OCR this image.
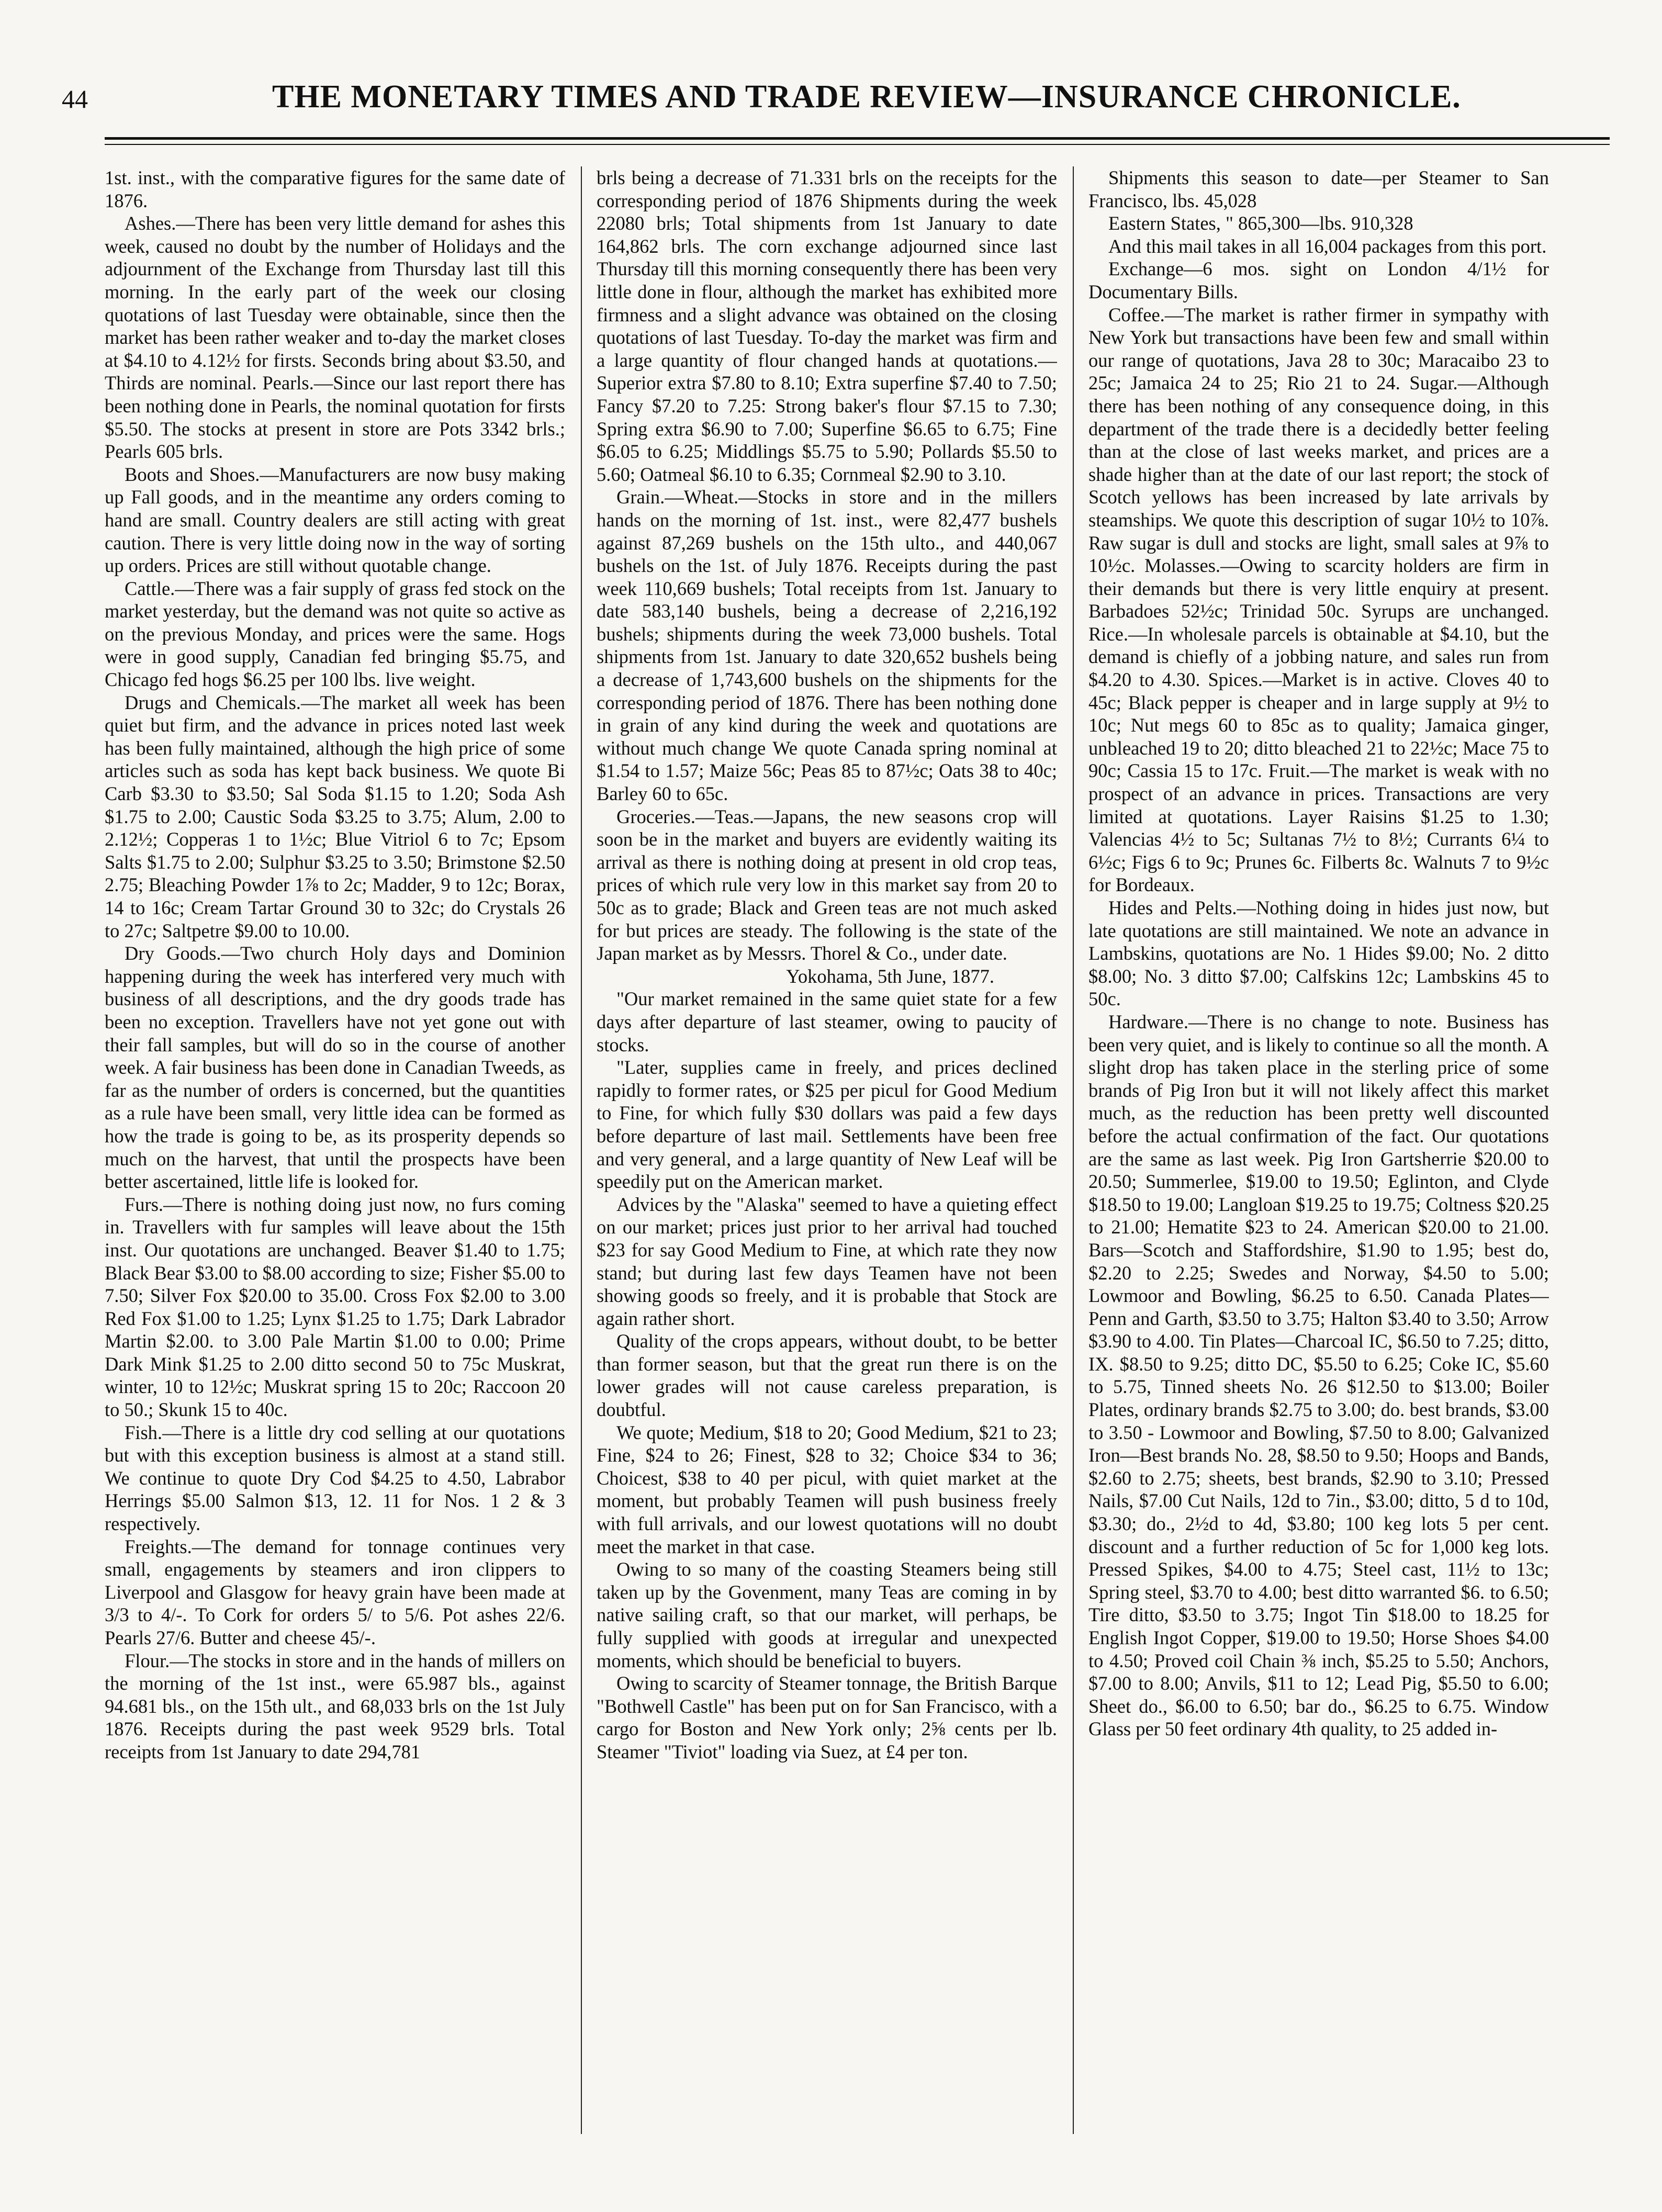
44	THE MONETARY TIMES AND TRADE REVIEW—INSURANCE CHRONICLE.

1st. inst., with the comparative figures for the same date of 1876.

Ashes.—There has been very little demand for ashes this week, caused no doubt by the number of Holidays and the adjournment of the Exchange from Thursday last till this morning. In the early part of the week our closing quotations of last Tuesday were obtainable, since then the market has been rather weaker and to-day the market closes at $4.10 to 4.12½ for firsts. Seconds bring about $3.50, and Thirds are nominal. Pearls.—Since our last report there has been nothing done in Pearls, the nominal quotation for firsts $5.50. The stocks at present in store are Pots 3342 brls.; Pearls 605 brls.

Boots and Shoes.—Manufacturers are now busy making up Fall goods, and in the meantime any orders coming to hand are small. Country dealers are still acting with great caution. There is very little doing now in the way of sorting up orders. Prices are still without quotable change.

Cattle.—There was a fair supply of grass fed stock on the market yesterday, but the demand was not quite so active as on the previous Monday, and prices were the same. Hogs were in good supply, Canadian fed bringing $5.75, and Chicago fed hogs $6.25 per 100 lbs. live weight.

Drugs and Chemicals.—The market all week has been quiet but firm, and the advance in prices noted last week has been fully maintained, although the high price of some articles such as soda has kept back business. We quote Bi Carb $3.30 to $3.50; Sal Soda $1.15 to 1.20; Soda Ash $1.75 to 2.00; Caustic Soda $3.25 to 3.75; Alum, 2.00 to 2.12½; Copperas 1 to 1½c; Blue Vitriol 6 to 7c; Epsom Salts $1.75 to 2.00; Sulphur $3.25 to 3.50; Brimstone $2.50 2.75; Bleaching Powder 1⅞ to 2c; Madder, 9 to 12c; Borax, 14 to 16c; Cream Tartar Ground 30 to 32c; do Crystals 26 to 27c; Saltpetre $9.00 to 10.00.

Dry Goods.—Two church Holy days and Dominion happening during the week has interfered very much with business of all descriptions, and the dry goods trade has been no exception. Travellers have not yet gone out with their fall samples, but will do so in the course of another week. A fair business has been done in Canadian Tweeds, as far as the number of orders is concerned, but the quantities as a rule have been small, very little idea can be formed as how the trade is going to be, as its prosperity depends so much on the harvest, that until the prospects have been better ascertained, little life is looked for.

Furs.—There is nothing doing just now, no furs coming in. Travellers with fur samples will leave about the 15th inst. Our quotations are unchanged. Beaver $1.40 to 1.75; Black Bear $3.00 to $8.00 according to size; Fisher $5.00 to 7.50; Silver Fox $20.00 to 35.00. Cross Fox $2.00 to 3.00 Red Fox $1.00 to 1.25; Lynx $1.25 to 1.75; Dark Labrador Martin $2.00. to 3.00 Pale Martin $1.00 to 0.00; Prime Dark Mink $1.25 to 2.00 ditto second 50 to 75c Muskrat, winter, 10 to 12½c; Muskrat spring 15 to 20c; Raccoon 20 to 50.; Skunk 15 to 40c.

Fish.—There is a little dry cod selling at our quotations but with this exception business is almost at a stand still. We continue to quote Dry Cod $4.25 to 4.50, Labrabor Herrings $5.00 Salmon $13, 12. 11 for Nos. 1 2 & 3 respectively.

Freights.—The demand for tonnage continues very small, engagements by steamers and iron clippers to Liverpool and Glasgow for heavy grain have been made at 3/3 to 4/-. To Cork for orders 5/ to 5/6. Pot ashes 22/6. Pearls 27/6. Butter and cheese 45/-.

Flour.—The stocks in store and in the hands of millers on the morning of the 1st inst., were 65.987 bls., against 94.681 bls., on the 15th ult., and 68,033 brls on the 1st July 1876. Receipts during the past week 9529 brls. Total receipts from 1st January to date 294,781

brls being a decrease of 71.331 brls on the receipts for the corresponding period of 1876 Shipments during the week 22080 brls; Total shipments from 1st January to date 164,862 brls. The corn exchange adjourned since last Thursday till this morning consequently there has been very little done in flour, although the market has exhibited more firmness and a slight advance was obtained on the closing quotations of last Tuesday. To-day the market was firm and a large quantity of flour changed hands at quotations.—Superior extra $7.80 to 8.10; Extra superfine $7.40 to 7.50; Fancy $7.20 to 7.25: Strong baker's flour $7.15 to 7.30; Spring extra $6.90 to 7.00; Superfine $6.65 to 6.75; Fine $6.05 to 6.25; Middlings $5.75 to 5.90; Pollards $5.50 to 5.60; Oatmeal $6.10 to 6.35; Cornmeal $2.90 to 3.10.

Grain.—Wheat.—Stocks in store and in the millers hands on the morning of 1st. inst., were 82,477 bushels against 87,269 bushels on the 15th ulto., and 440,067 bushels on the 1st. of July 1876. Receipts during the past week 110,669 bushels; Total receipts from 1st. January to date 583,140 bushels, being a decrease of 2,216,192 bushels; shipments during the week 73,000 bushels. Total shipments from 1st. January to date 320,652 bushels being a decrease of 1,743,600 bushels on the shipments for the corresponding period of 1876. There has been nothing done in grain of any kind during the week and quotations are without much change We quote Canada spring nominal at $1.54 to 1.57; Maize 56c; Peas 85 to 87½c; Oats 38 to 40c; Barley 60 to 65c.

Groceries.—Teas.—Japans, the new seasons crop will soon be in the market and buyers are evidently waiting its arrival as there is nothing doing at present in old crop teas, prices of which rule very low in this market say from 20 to 50c as to grade; Black and Green teas are not much asked for but prices are steady. The following is the state of the Japan market as by Messrs. Thorel & Co., under date.

Yokohama, 5th June, 1877.

"Our market remained in the same quiet state for a few days after departure of last steamer, owing to paucity of stocks.

"Later, supplies came in freely, and prices declined rapidly to former rates, or $25 per picul for Good Medium to Fine, for which fully $30 dollars was paid a few days before departure of last mail. Settlements have been free and very general, and a large quantity of New Leaf will be speedily put on the American market.

Advices by the "Alaska" seemed to have a quieting effect on our market; prices just prior to her arrival had touched $23 for say Good Medium to Fine, at which rate they now stand; but during last few days Teamen have not been showing goods so freely, and it is probable that Stock are again rather short.

Quality of the crops appears, without doubt, to be better than former season, but that the great run there is on the lower grades will not cause careless preparation, is doubtful.

We quote; Medium, $18 to 20; Good Medium, $21 to 23; Fine, $24 to 26; Finest, $28 to 32; Choice $34 to 36; Choicest, $38 to 40 per picul, with quiet market at the moment, but probably Teamen will push business freely with full arrivals, and our lowest quotations will no doubt meet the market in that case.

Owing to so many of the coasting Steamers being still taken up by the Govenment, many Teas are coming in by native sailing craft, so that our market, will perhaps, be fully supplied with goods at irregular and unexpected moments, which should be beneficial to buyers.

Owing to scarcity of Steamer tonnage, the British Barque "Bothwell Castle" has been put on for San Francisco, with a cargo for Boston and New York only; 2⅝ cents per lb. Steamer "Tiviot" loading via Suez, at £4 per ton.

Shipments this season to date—per Steamer to San Francisco, lbs. 45,028

Eastern States, " 865,300—lbs. 910,328

And this mail takes in all 16,004 packages from this port.

Exchange—6 mos. sight on London 4/1½ for Documentary Bills.

Coffee.—The market is rather firmer in sympathy with New York but transactions have been few and small within our range of quotations, Java 28 to 30c; Maracaibo 23 to 25c; Jamaica 24 to 25; Rio 21 to 24. Sugar.—Although there has been nothing of any consequence doing, in this department of the trade there is a decidedly better feeling than at the close of last weeks market, and prices are a shade higher than at the date of our last report; the stock of Scotch yellows has been increased by late arrivals by steamships. We quote this description of sugar 10½ to 10⅞. Raw sugar is dull and stocks are light, small sales at 9⅞ to 10½c. Molasses.—Owing to scarcity holders are firm in their demands but there is very little enquiry at present. Barbadoes 52½c; Trinidad 50c. Syrups are unchanged. Rice.—In wholesale parcels is obtainable at $4.10, but the demand is chiefly of a jobbing nature, and sales run from $4.20 to 4.30. Spices.—Market is in active. Cloves 40 to 45c; Black pepper is cheaper and in large supply at 9½ to 10c; Nut megs 60 to 85c as to quality; Jamaica ginger, unbleached 19 to 20; ditto bleached 21 to 22½c; Mace 75 to 90c; Cassia 15 to 17c. Fruit.—The market is weak with no prospect of an advance in prices. Transactions are very limited at quotations. Layer Raisins $1.25 to 1.30; Valencias 4½ to 5c; Sultanas 7½ to 8½; Currants 6¼ to 6½c; Figs 6 to 9c; Prunes 6c. Filberts 8c. Walnuts 7 to 9½c for Bordeaux.

Hides and Pelts.—Nothing doing in hides just now, but late quotations are still maintained. We note an advance in Lambskins, quotations are No. 1 Hides $9.00; No. 2 ditto $8.00; No. 3 ditto $7.00; Calfskins 12c; Lambskins 45 to 50c.

Hardware.—There is no change to note. Business has been very quiet, and is likely to continue so all the month. A slight drop has taken place in the sterling price of some brands of Pig Iron but it will not likely affect this market much, as the reduction has been pretty well discounted before the actual confirmation of the fact. Our quotations are the same as last week. Pig Iron Gartsherrie $20.00 to 20.50; Summerlee, $19.00 to 19.50; Eglinton, and Clyde $18.50 to 19.00; Langloan $19.25 to 19.75; Coltness $20.25 to 21.00; Hematite $23 to 24. American $20.00 to 21.00. Bars—Scotch and Staffordshire, $1.90 to 1.95; best do, $2.20 to 2.25; Swedes and Norway, $4.50 to 5.00; Lowmoor and Bowling, $6.25 to 6.50. Canada Plates—Penn and Garth, $3.50 to 3.75; Halton $3.40 to 3.50; Arrow $3.90 to 4.00. Tin Plates—Charcoal IC, $6.50 to 7.25; ditto, IX. $8.50 to 9.25; ditto DC, $5.50 to 6.25; Coke IC, $5.60 to 5.75, Tinned sheets No. 26 $12.50 to $13.00; Boiler Plates, ordinary brands $2.75 to 3.00; do. best brands, $3.00 to 3.50 - Lowmoor and Bowling, $7.50 to 8.00; Galvanized Iron—Best brands No. 28, $8.50 to 9.50; Hoops and Bands, $2.60 to 2.75; sheets, best brands, $2.90 to 3.10; Pressed Nails, $7.00 Cut Nails, 12d to 7in., $3.00; ditto, 5 d to 10d, $3.30; do., 2½d to 4d, $3.80; 100 keg lots 5 per cent. discount and a further reduction of 5c for 1,000 keg lots. Pressed Spikes, $4.00 to 4.75; Steel cast, 11½ to 13c; Spring steel, $3.70 to 4.00; best ditto warranted $6. to 6.50; Tire ditto, $3.50 to 3.75; Ingot Tin $18.00 to 18.25 for English Ingot Copper, $19.00 to 19.50; Horse Shoes $4.00 to 4.50; Proved coil Chain ⅜ inch, $5.25 to 5.50; Anchors, $7.00 to 8.00; Anvils, $11 to 12; Lead Pig, $5.50 to 6.00; Sheet do., $6.00 to 6.50; bar do., $6.25 to 6.75. Window Glass per 50 feet ordinary 4th quality, to 25 added in-
